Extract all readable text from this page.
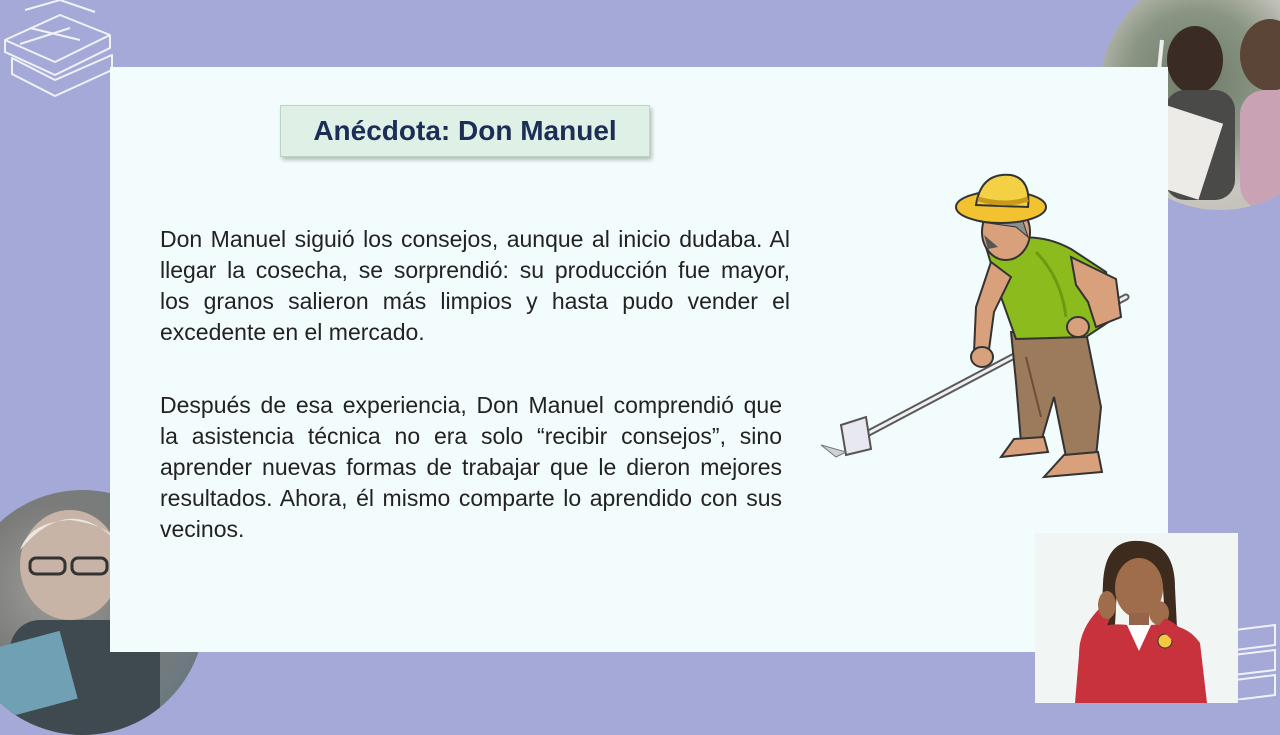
Anécdota: Don Manuel

Don Manuel siguió los consejos, aunque al inicio dudaba. Al llegar la cosecha, se sorprendió: su producción fue mayor, los granos salieron más limpios y hasta pudo vender el excedente en el mercado.

Después de esa experiencia, Don Manuel comprendió que la asistencia técnica no era solo “recibir consejos”, sino aprender nuevas formas de trabajar que le dieron mejores resultados. Ahora, él mismo comparte lo aprendido con sus vecinos.
